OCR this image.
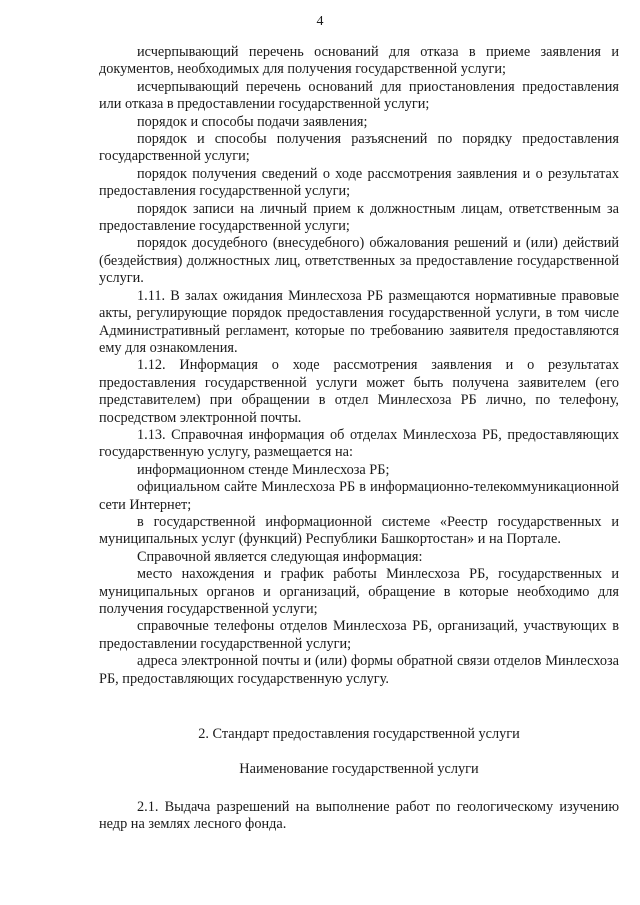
4

исчерпывающий перечень оснований для отказа в приеме заявления и документов, необходимых для получения государственной услуги;

исчерпывающий перечень оснований для приостановления предоставления или отказа в предоставлении государственной услуги;

порядок и способы подачи заявления;

порядок и способы получения разъяснений по порядку предоставления государственной услуги;

порядок получения сведений о ходе рассмотрения заявления и о результатах предоставления государственной услуги;

порядок записи на личный прием к должностным лицам, ответственным за предоставление государственной услуги;

порядок досудебного (внесудебного) обжалования решений и (или) действий (бездействия) должностных лиц, ответственных за предоставление государственной услуги.

1.11. В залах ожидания Минлесхоза РБ размещаются нормативные правовые акты, регулирующие порядок предоставления государственной услуги, в том числе Административный регламент, которые по требованию заявителя предоставляются ему для ознакомления.

1.12. Информация о ходе рассмотрения заявления и о результатах предоставления государственной услуги может быть получена заявителем (его представителем) при обращении в отдел Минлесхоза РБ лично, по телефону, посредством электронной почты.

1.13. Справочная информация об отделах Минлесхоза РБ, предоставляющих государственную услугу, размещается на:

информационном стенде Минлесхоза РБ;

официальном сайте Минлесхоза РБ в информационно-телекоммуникационной сети Интернет;

в государственной информационной системе «Реестр государственных и муниципальных услуг (функций) Республики Башкортостан» и на Портале.

Справочной является следующая информация:

место нахождения и график работы Минлесхоза РБ, государственных и муниципальных органов и организаций, обращение в которые необходимо для получения государственной услуги;

справочные телефоны отделов Минлесхоза РБ, организаций, участвующих в предоставлении государственной услуги;

адреса электронной почты и (или) формы обратной связи отделов Минлесхоза РБ, предоставляющих государственную услугу.

2. Стандарт предоставления государственной услуги

Наименование государственной услуги

2.1. Выдача разрешений на выполнение работ по геологическому изучению недр на землях лесного фонда.
